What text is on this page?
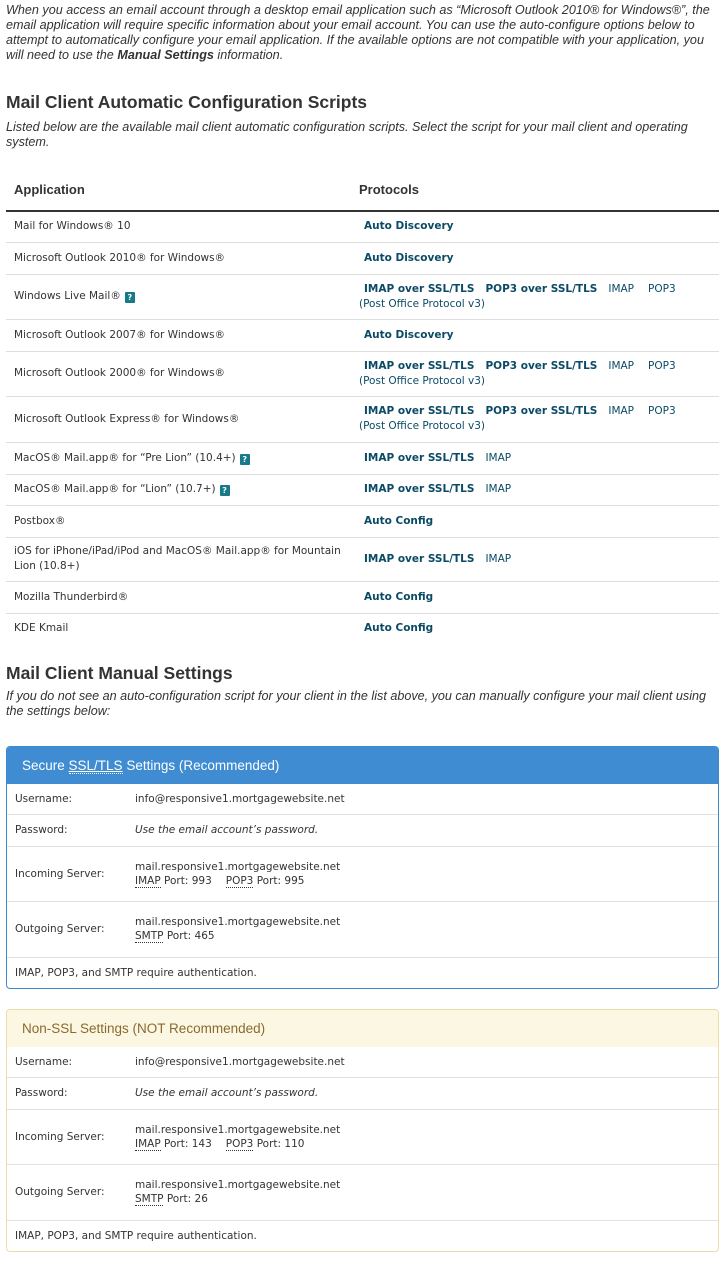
When you access an email account through a desktop email application such as “Microsoft Outlook 2010® for Windows®”, the email application will require specific information about your email account. You can use the auto-configure options below to attempt to automatically configure your email application. If the available options are not compatible with your application, you will need to use the Manual Settings information.

Mail Client Automatic Configuration Scripts

Listed below are the available mail client automatic configuration scripts. Select the script for your mail client and operating system.

Application	Protocols
Mail for Windows® 10	Auto Discovery
Microsoft Outlook 2010® for Windows®	Auto Discovery
Windows Live Mail® ?	IMAP over SSL/TLS POP3 over SSL/TLS IMAP POP3
(Post Office Protocol v3)
Microsoft Outlook 2007® for Windows®	Auto Discovery
Microsoft Outlook 2000® for Windows®	IMAP over SSL/TLS POP3 over SSL/TLS IMAP POP3
(Post Office Protocol v3)
Microsoft Outlook Express® for Windows®	IMAP over SSL/TLS POP3 over SSL/TLS IMAP POP3
(Post Office Protocol v3)
MacOS® Mail.app® for “Pre Lion” (10.4+) ?	IMAP over SSL/TLS IMAP
MacOS® Mail.app® for “Lion” (10.7+) ?	IMAP over SSL/TLS IMAP
Postbox®	Auto Config
iOS for iPhone/iPad/iPod and MacOS® Mail.app® for Mountain Lion (10.8+)	IMAP over SSL/TLS IMAP
Mozilla Thunderbird®	Auto Config
KDE Kmail	Auto Config
Mail Client Manual Settings

If you do not see an auto-configuration script for your client in the list above, you can manually configure your mail client using the settings below:

Secure SSL/TLS Settings (Recommended)
Username:	info@responsive1.mortgagewebsite.net
Password:	Use the email account’s password.
Incoming Server:	mail.responsive1.mortgagewebsite.net
IMAP Port: 993 POP3 Port: 995
Outgoing Server:	mail.responsive1.mortgagewebsite.net
SMTP Port: 465
IMAP, POP3, and SMTP require authentication.	
Non-SSL Settings (NOT Recommended)
Username:	info@responsive1.mortgagewebsite.net
Password:	Use the email account’s password.
Incoming Server:	mail.responsive1.mortgagewebsite.net
IMAP Port: 143 POP3 Port: 110
Outgoing Server:	mail.responsive1.mortgagewebsite.net
SMTP Port: 26
IMAP, POP3, and SMTP require authentication.	
